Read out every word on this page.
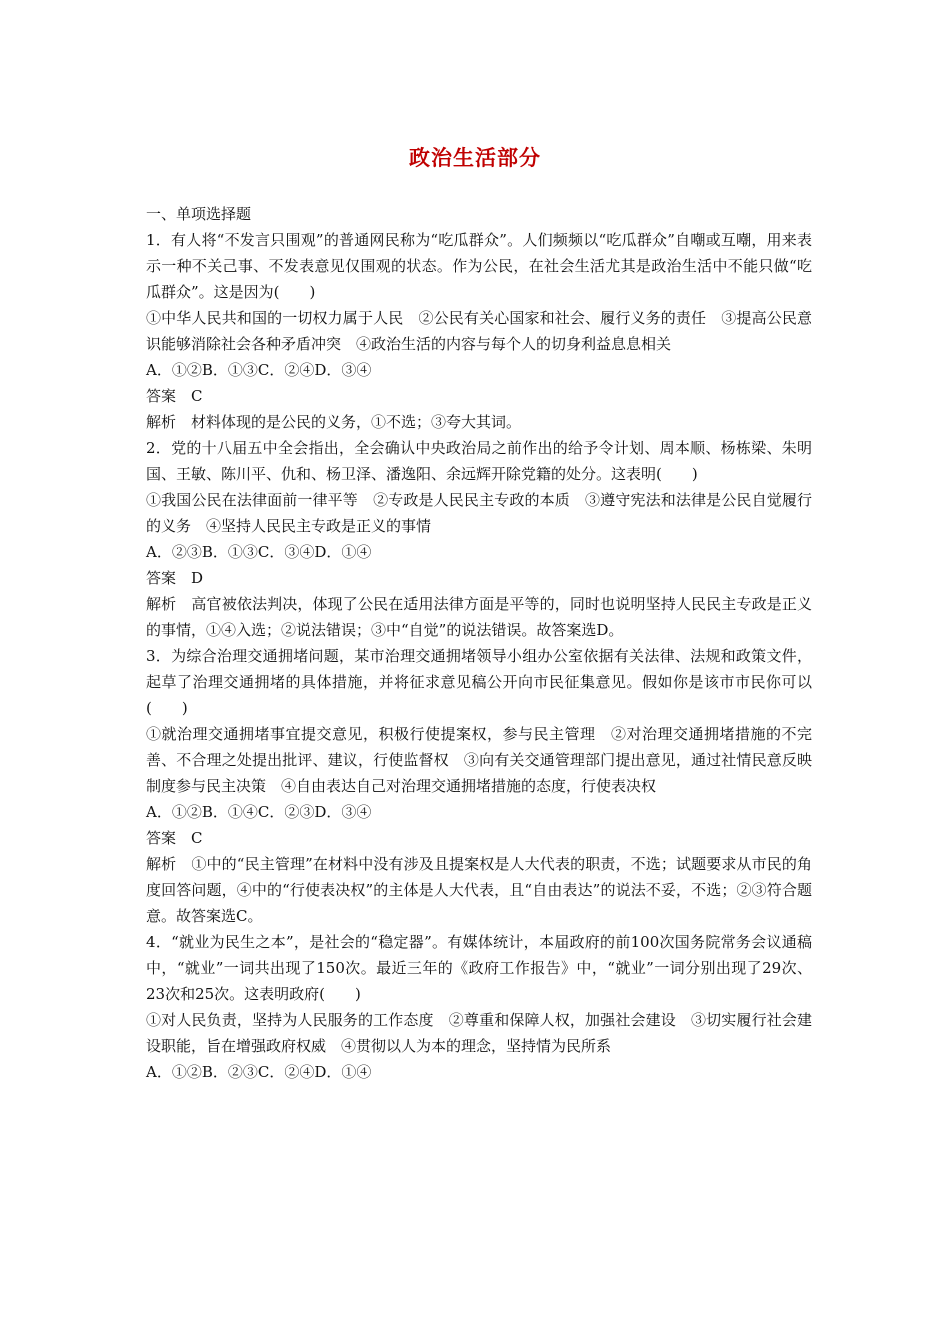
政治生活部分

一、单项选择题

1．有人将“不发言只围观”的普通网民称为“吃瓜群众”。人们频频以“吃瓜群众”自嘲或互嘲，用来表示一种不关己事、不发表意见仅围观的状态。作为公民，在社会生活尤其是政治生活中不能只做“吃瓜群众”。这是因为(　　)

①中华人民共和国的一切权力属于人民　②公民有关心国家和社会、履行义务的责任　③提高公民意识能够消除社会各种矛盾冲突　④政治生活的内容与每个人的切身利益息息相关

A．①②B．①③C．②④D．③④

答案　C

解析　材料体现的是公民的义务，①不选；③夸大其词。

2．党的十八届五中全会指出，全会确认中央政治局之前作出的给予令计划、周本顺、杨栋梁、朱明国、王敏、陈川平、仇和、杨卫泽、潘逸阳、余远辉开除党籍的处分。这表明(　　)

①我国公民在法律面前一律平等　②专政是人民民主专政的本质　③遵守宪法和法律是公民自觉履行的义务　④坚持人民民主专政是正义的事情

A．②③B．①③C．③④D．①④

答案　D

解析　高官被依法判决，体现了公民在适用法律方面是平等的，同时也说明坚持人民民主专政是正义的事情，①④入选；②说法错误；③中“自觉”的说法错误。故答案选D。

3．为综合治理交通拥堵问题，某市治理交通拥堵领导小组办公室依据有关法律、法规和政策文件，起草了治理交通拥堵的具体措施，并将征求意见稿公开向市民征集意见。假如你是该市市民你可以(　　)

①就治理交通拥堵事宜提交意见，积极行使提案权，参与民主管理　②对治理交通拥堵措施的不完善、不合理之处提出批评、建议，行使监督权　③向有关交通管理部门提出意见，通过社情民意反映制度参与民主决策　④自由表达自己对治理交通拥堵措施的态度，行使表决权

A．①②B．①④C．②③D．③④

答案　C

解析　①中的“民主管理”在材料中没有涉及且提案权是人大代表的职责，不选；试题要求从市民的角度回答问题，④中的“行使表决权”的主体是人大代表，且“自由表达”的说法不妥，不选；②③符合题意。故答案选C。

4．“就业为民生之本”，是社会的“稳定器”。有媒体统计，本届政府的前100次国务院常务会议通稿中，“就业”一词共出现了150次。最近三年的《政府工作报告》中，“就业”一词分别出现了29次、23次和25次。这表明政府(　　)

①对人民负责，坚持为人民服务的工作态度　②尊重和保障人权，加强社会建设　③切实履行社会建设职能，旨在增强政府权威　④贯彻以人为本的理念，坚持情为民所系

A．①②B．②③C．②④D．①④
